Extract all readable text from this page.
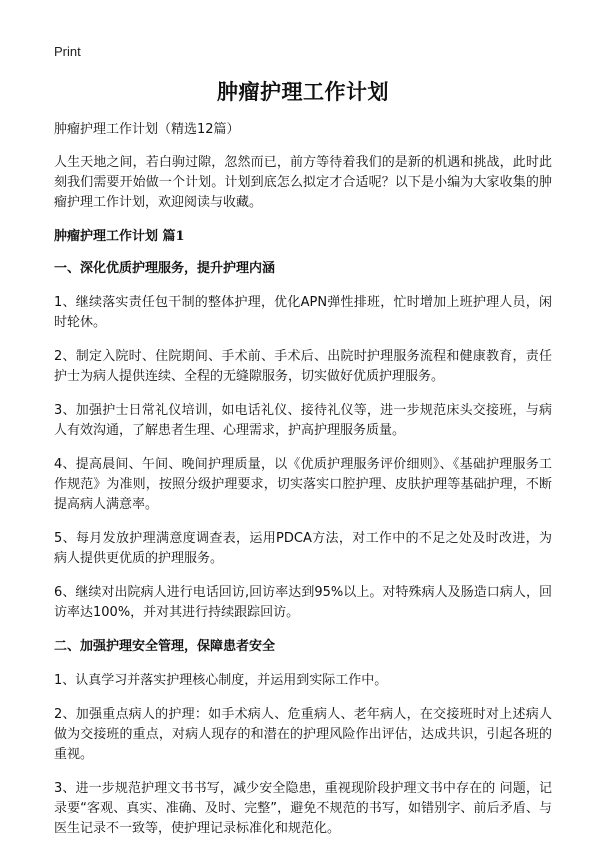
Print
肿瘤护理工作计划

肿瘤护理工作计划（精选12篇）

人生天地之间，若白驹过隙，忽然而已，前方等待着我们的是新的机遇和挑战，此时此刻我们需要开始做一个计划。计划到底怎么拟定才合适呢？以下是小编为大家收集的肿瘤护理工作计划，欢迎阅读与收藏。

肿瘤护理工作计划 篇1

一、深化优质护理服务，提升护理内涵

1、继续落实责任包干制的整体护理，优化APN弹性排班，忙时增加上班护理人员，闲时轮休。

2、制定入院时、住院期间、手术前、手术后、出院时护理服务流程和健康教育，责任护士为病人提供连续、全程的无缝隙服务，切实做好优质护理服务。

3、加强护士日常礼仪培训，如电话礼仪、接待礼仪等，进一步规范床头交接班，与病人有效沟通，了解患者生理、心理需求，护高护理服务质量。

4、提高晨间、午间、晚间护理质量，以《优质护理服务评价细则》、《基础护理服务工作规范》为准则，按照分级护理要求，切实落实口腔护理、皮肤护理等基础护理，不断提高病人满意率。

5、每月发放护理满意度调查表，运用PDCA方法，对工作中的不足之处及时改进，为病人提供更优质的护理服务。

6、继续对出院病人进行电话回访,回访率达到95%以上。对特殊病人及肠造口病人，回访率达100%，并对其进行持续跟踪回访。

二、加强护理安全管理，保障患者安全

1、认真学习并落实护理核心制度，并运用到实际工作中。

2、加强重点病人的护理：如手术病人、危重病人、老年病人，在交接班时对上述病人做为交接班的重点，对病人现存的和潜在的护理风险作出评估，达成共识，引起各班的重视。

3、进一步规范护理文书书写，减少安全隐患，重视现阶段护理文书中存在的 问题，记录要“客观、真实、准确、及时、完整”，避免不规范的书写，如错别字、前后矛盾、与医生记录不一致等，使护理记录标准化和规范化。
